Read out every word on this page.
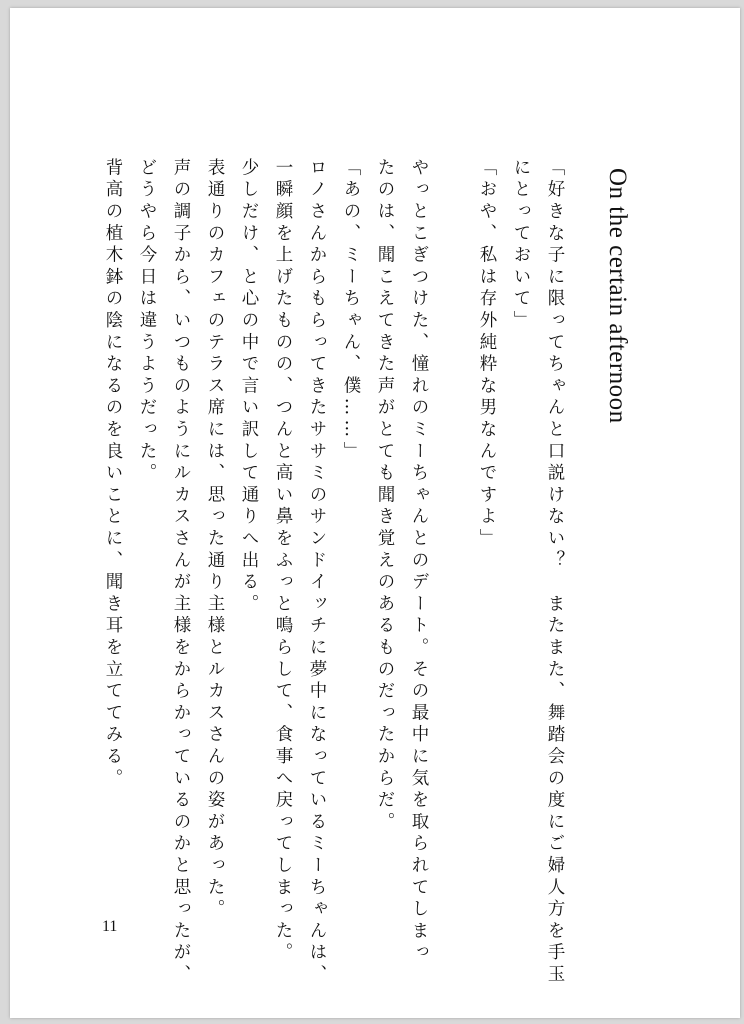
On the certain afternoon
「好きな子に限ってちゃんと口説けない？　またまた、舞踏会の度にご婦人方を手玉
にとっておいて」
「おや、私は存外純粋な男なんですよ」
やっとこぎつけた、憧れのミーちゃんとのデート。その最中に気を取られてしまっ
たのは、聞こえてきた声がとても聞き覚えのあるものだったからだ。
「あの、ミーちゃん、僕……」
ロノさんからもらってきたササミのサンドイッチに夢中になっているミーちゃんは、
一瞬顔を上げたものの、つんと高い鼻をふっと鳴らして、食事へ戻ってしまった。
少しだけ、と心の中で言い訳して通りへ出る。
表通りのカフェのテラス席には、思った通り主様とルカスさんの姿があった。
声の調子から、いつものようにルカスさんが主様をからかっているのかと思ったが、
どうやら今日は違うようだった。
背高の植木鉢の陰になるのを良いことに、聞き耳を立ててみる。
11
